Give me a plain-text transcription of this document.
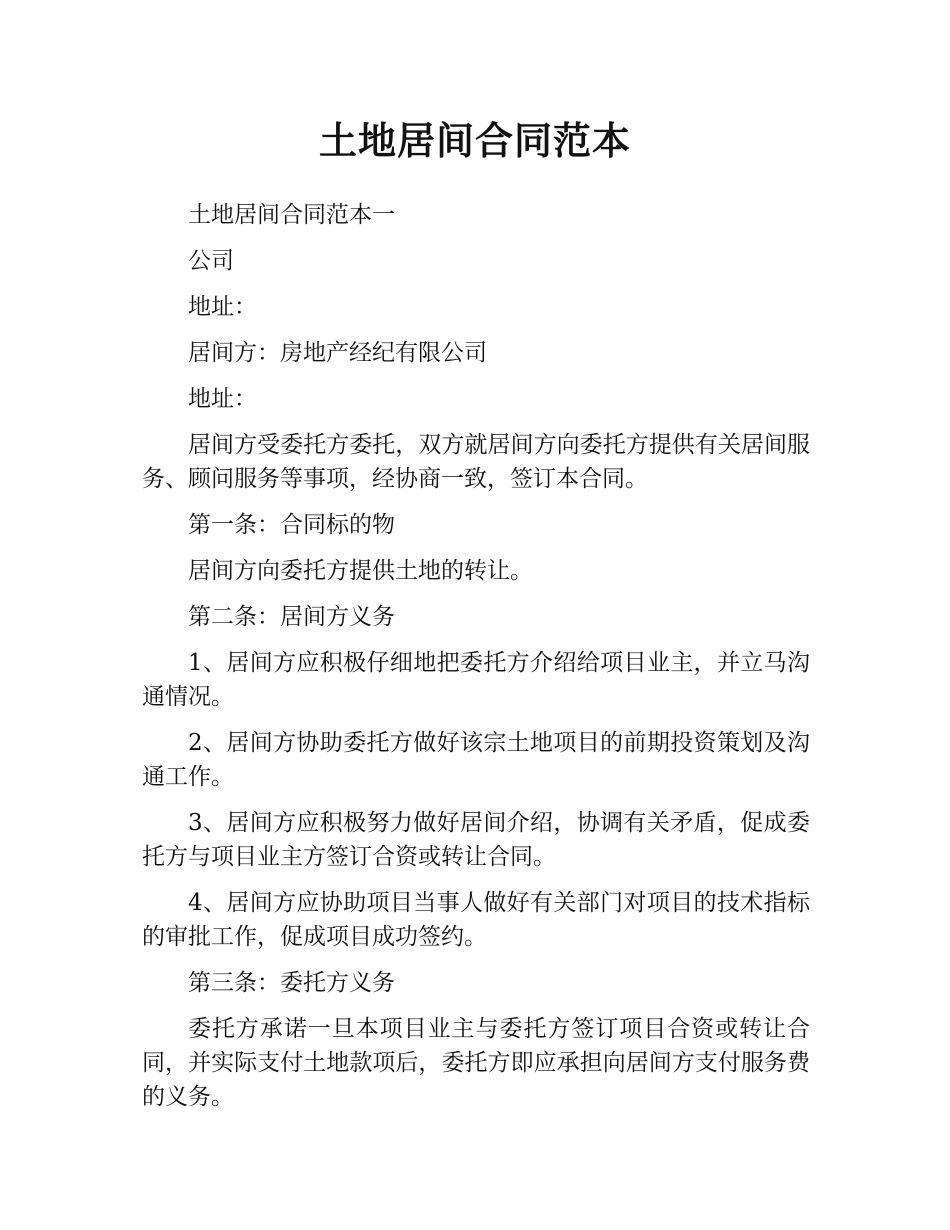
土地居间合同范本

土地居间合同范本一

公司

地址：

居间方：房地产经纪有限公司

地址：

居间方受委托方委托，双方就居间方向委托方提供有关居间服务、顾问服务等事项，经协商一致，签订本合同。

第一条：合同标的物

居间方向委托方提供土地的转让。

第二条：居间方义务

1、居间方应积极仔细地把委托方介绍给项目业主，并立马沟通情况。

2、居间方协助委托方做好该宗土地项目的前期投资策划及沟通工作。

3、居间方应积极努力做好居间介绍，协调有关矛盾，促成委托方与项目业主方签订合资或转让合同。

4、居间方应协助项目当事人做好有关部门对项目的技术指标的审批工作，促成项目成功签约。

第三条：委托方义务

委托方承诺一旦本项目业主与委托方签订项目合资或转让合同，并实际支付土地款项后，委托方即应承担向居间方支付服务费的义务。
